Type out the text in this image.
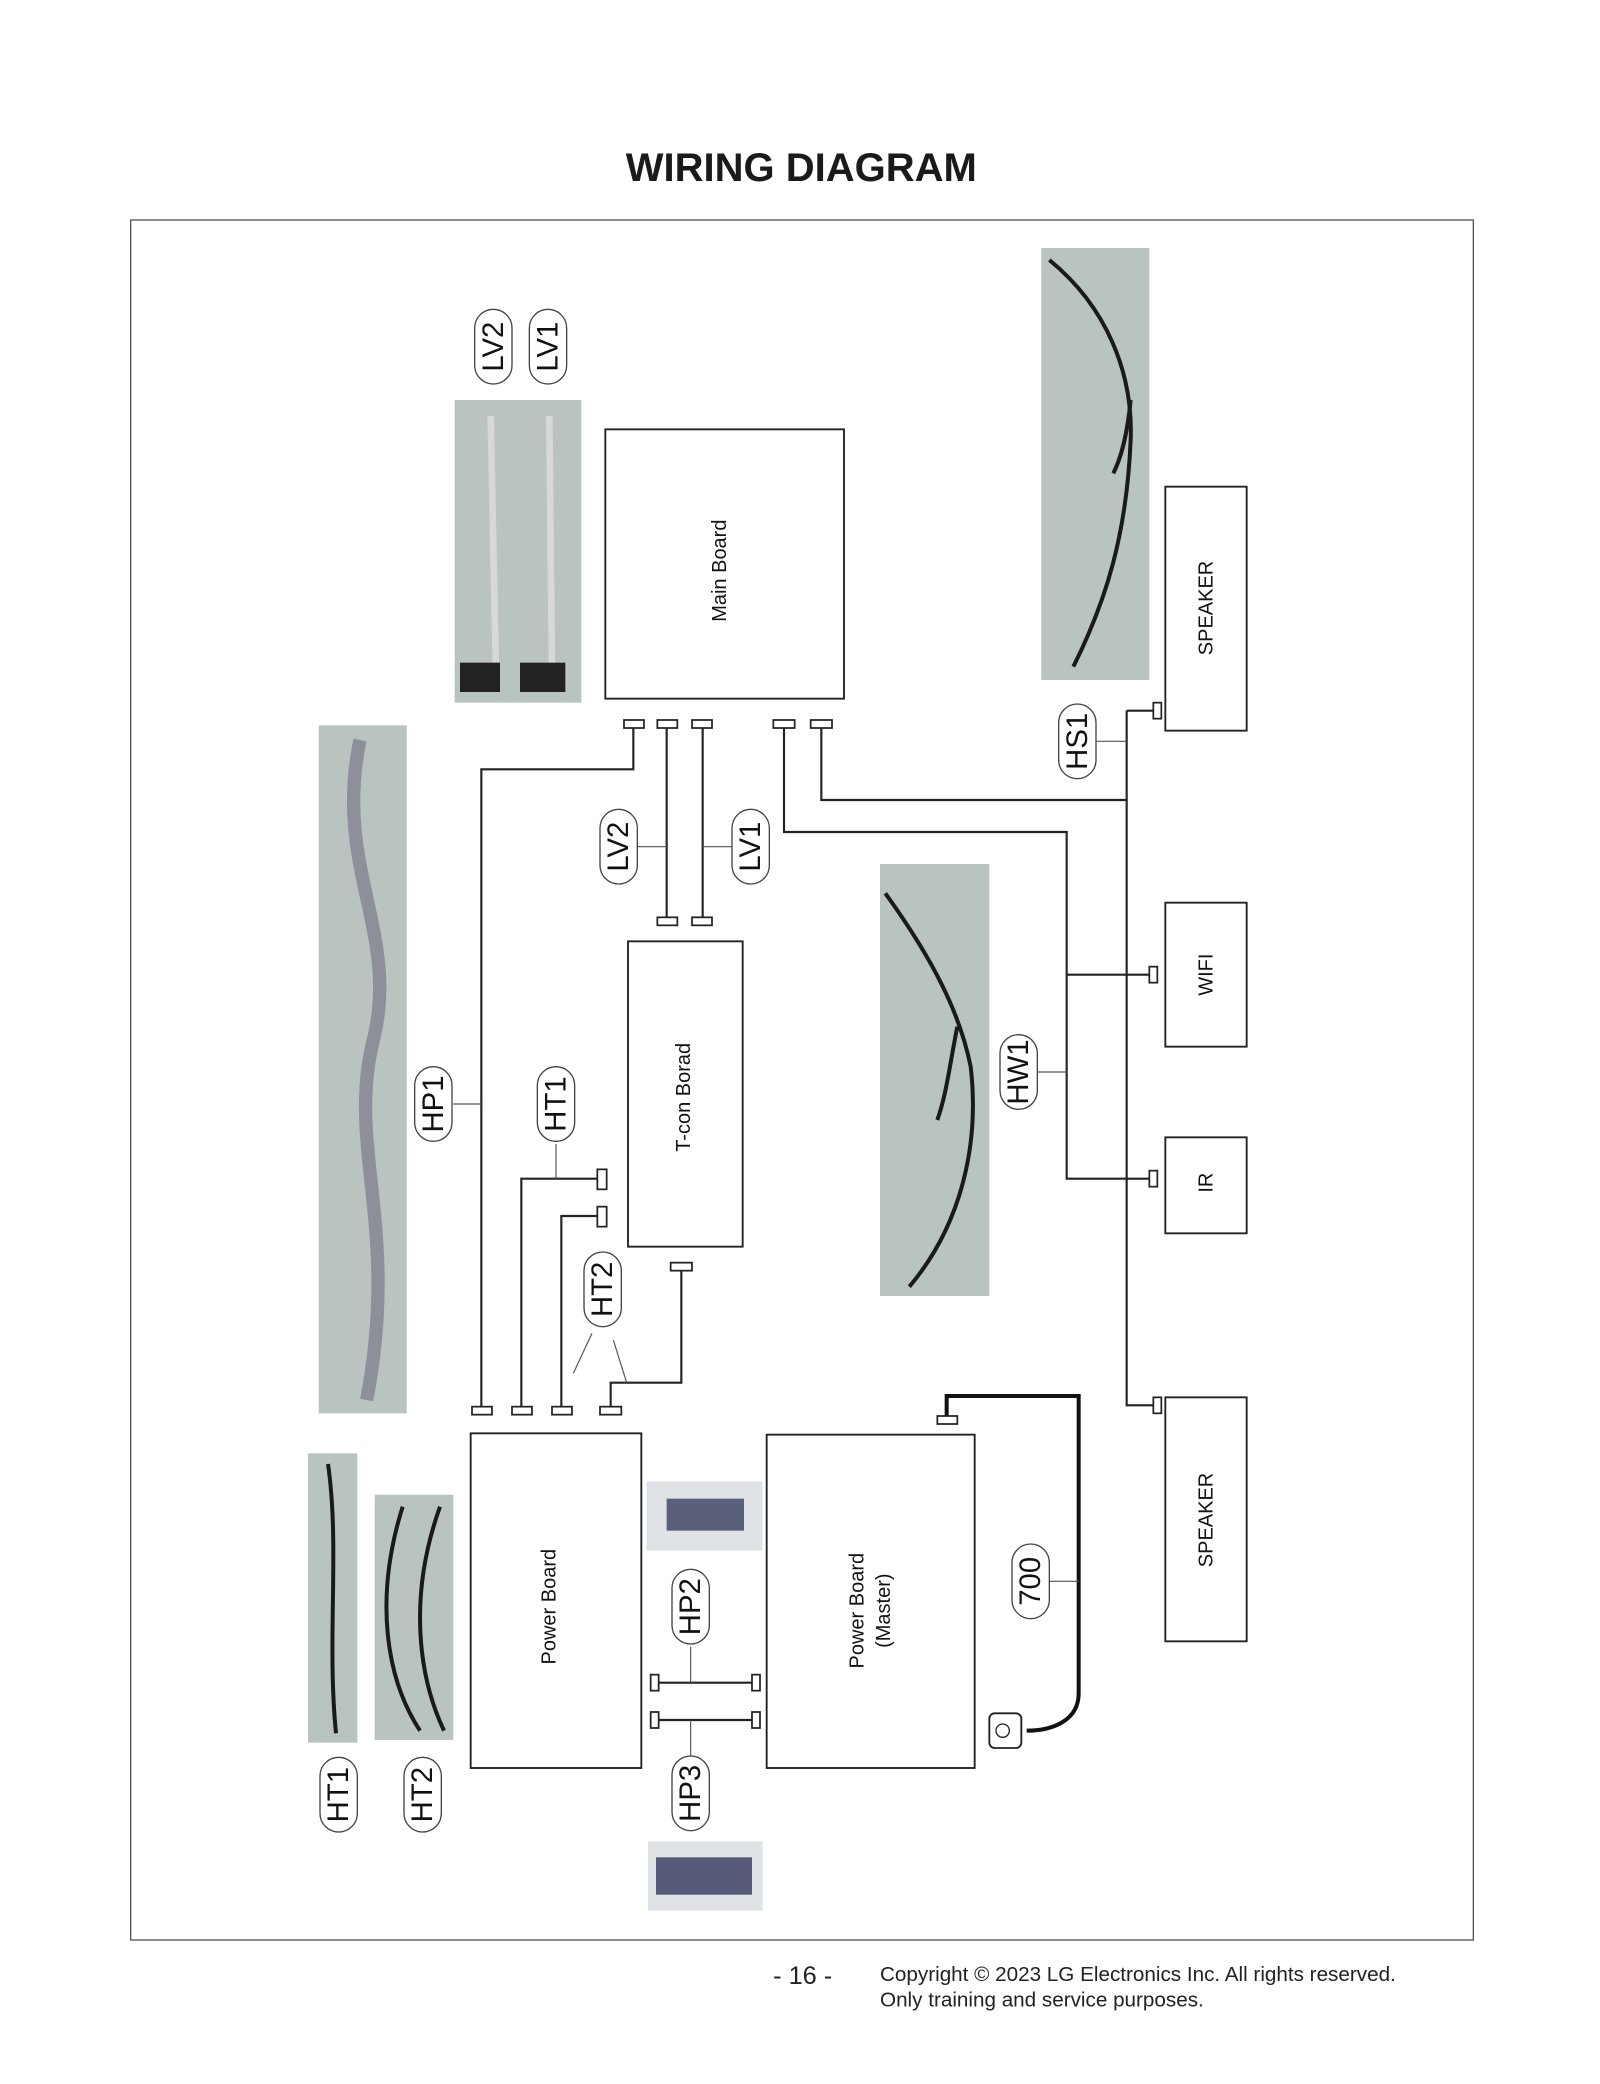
WIRING DIAGRAM
Main Board
T-con Borad
Power Board	Power Board (Master)
SPEAKER
WIFI
IR
SPEAKER
LV2 LV1
LV2	LV1
HP1	HT1
HT2
HS1
HW1
HP2
HP3
700
HT1 HT2
- 16 -	Copyright © 2023 LG Electronics Inc. All rights reserved.
Only training and service purposes.
